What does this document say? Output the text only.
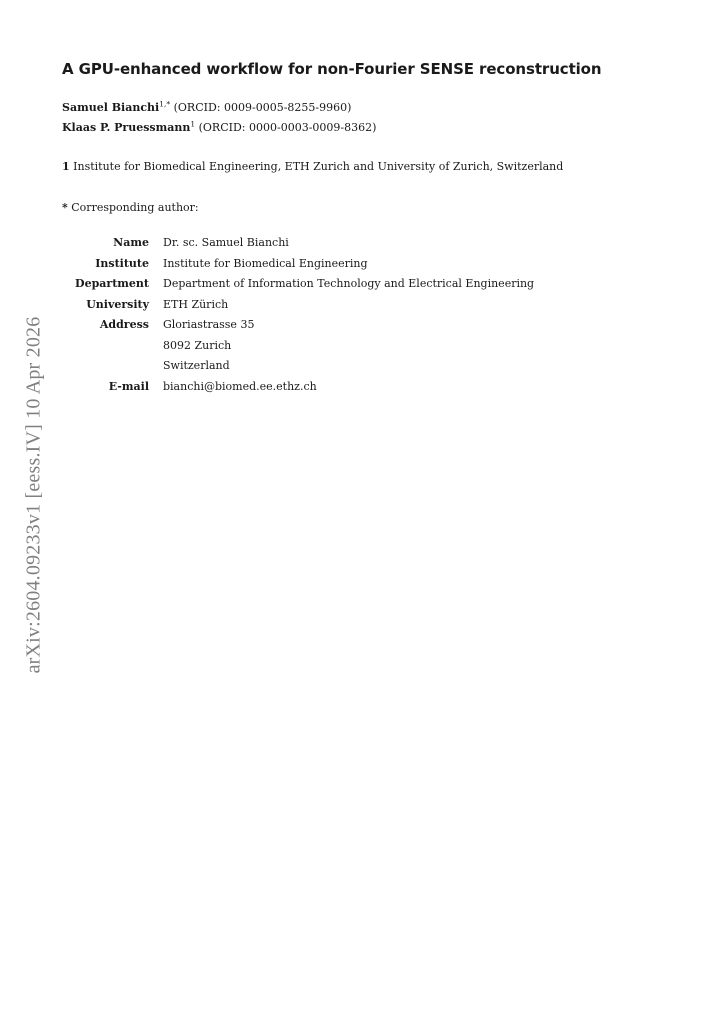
A GPU-enhanced workflow for non-Fourier SENSE reconstruction
Samuel Bianchi$^{1,*}$ (ORCID: 0009-0005-8255-9960)
Klaas P. Pruessmann$^1$ (ORCID: 0000-0003-0009-8362)
1 Institute for Biomedical Engineering, ETH Zurich and University of Zurich, Switzerland
* Corresponding author:
Name	Dr. sc. Samuel Bianchi
Institute	Institute for Biomedical Engineering
Department	Department of Information Technology and Electrical Engineering
University	ETH Zürich
Address	Gloriastrasse 35
	8092 Zurich
	Switzerland
E-mail	bianchi@biomed.ee.ethz.ch
arXiv:2604.09233v1 [eess.IV] 10 Apr 2026
